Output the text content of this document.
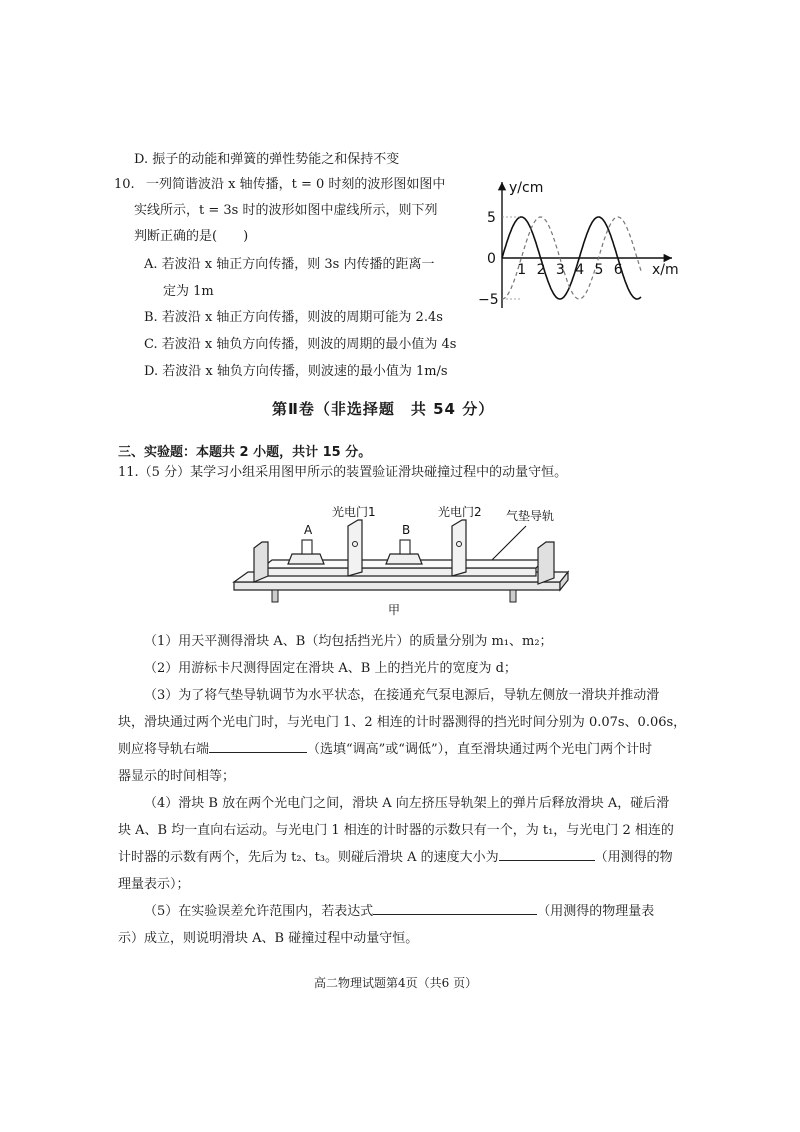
D. 振子的动能和弹簧的弹性势能之和保持不变
10. 一列简谐波沿 x 轴传播，t = 0 时刻的波形图如图中
实线所示，t = 3s 时的波形如图中虚线所示，则下列
判断正确的是(　　)
A. 若波沿 x 轴正方向传播，则 3s 内传播的距离一
定为 1m
B. 若波沿 x 轴正方向传播，则波的周期可能为 2.4s
C. 若波沿 x 轴负方向传播，则波的周期的最小值为 4s
D. 若波沿 x 轴负方向传播，则波速的最小值为 1m/s
y/cm
x/m
5
0
−5
1 2 3 4 5 6
第Ⅱ卷（非选择题　共 54 分）
三、实验题：本题共 2 小题，共计 15 分。
11.（5 分）某学习小组采用图甲所示的装置验证滑块碰撞过程中的动量守恒。
A
光电门1
B
光电门2 气垫导轨
甲
（1）用天平测得滑块 A、B（均包括挡光片）的质量分别为 m₁、m₂；
（2）用游标卡尺测得固定在滑块 A、B 上的挡光片的宽度为 d；
（3）为了将气垫导轨调节为水平状态，在接通充气泵电源后，导轨左侧放一滑块并推动滑
块，滑块通过两个光电门时，与光电门 1、2 相连的计时器测得的挡光时间分别为 0.07s、0.06s，
则应将导轨右端	（选填“调高”或“调低”），直至滑块通过两个光电门两个计时
器显示的时间相等；
（4）滑块 B 放在两个光电门之间，滑块 A 向左挤压导轨架上的弹片后释放滑块 A，碰后滑
块 A、B 均一直向右运动。与光电门 1 相连的计时器的示数只有一个，为 t₁，与光电门 2 相连的
计时器的示数有两个，先后为 t₂、t₃。则碰后滑块 A 的速度大小为	（用测得的物
理量表示）；
（5）在实验误差允许范围内，若表达式	（用测得的物理量表
示）成立，则说明滑块 A、B 碰撞过程中动量守恒。
高二物理试题第4页（共6 页）
